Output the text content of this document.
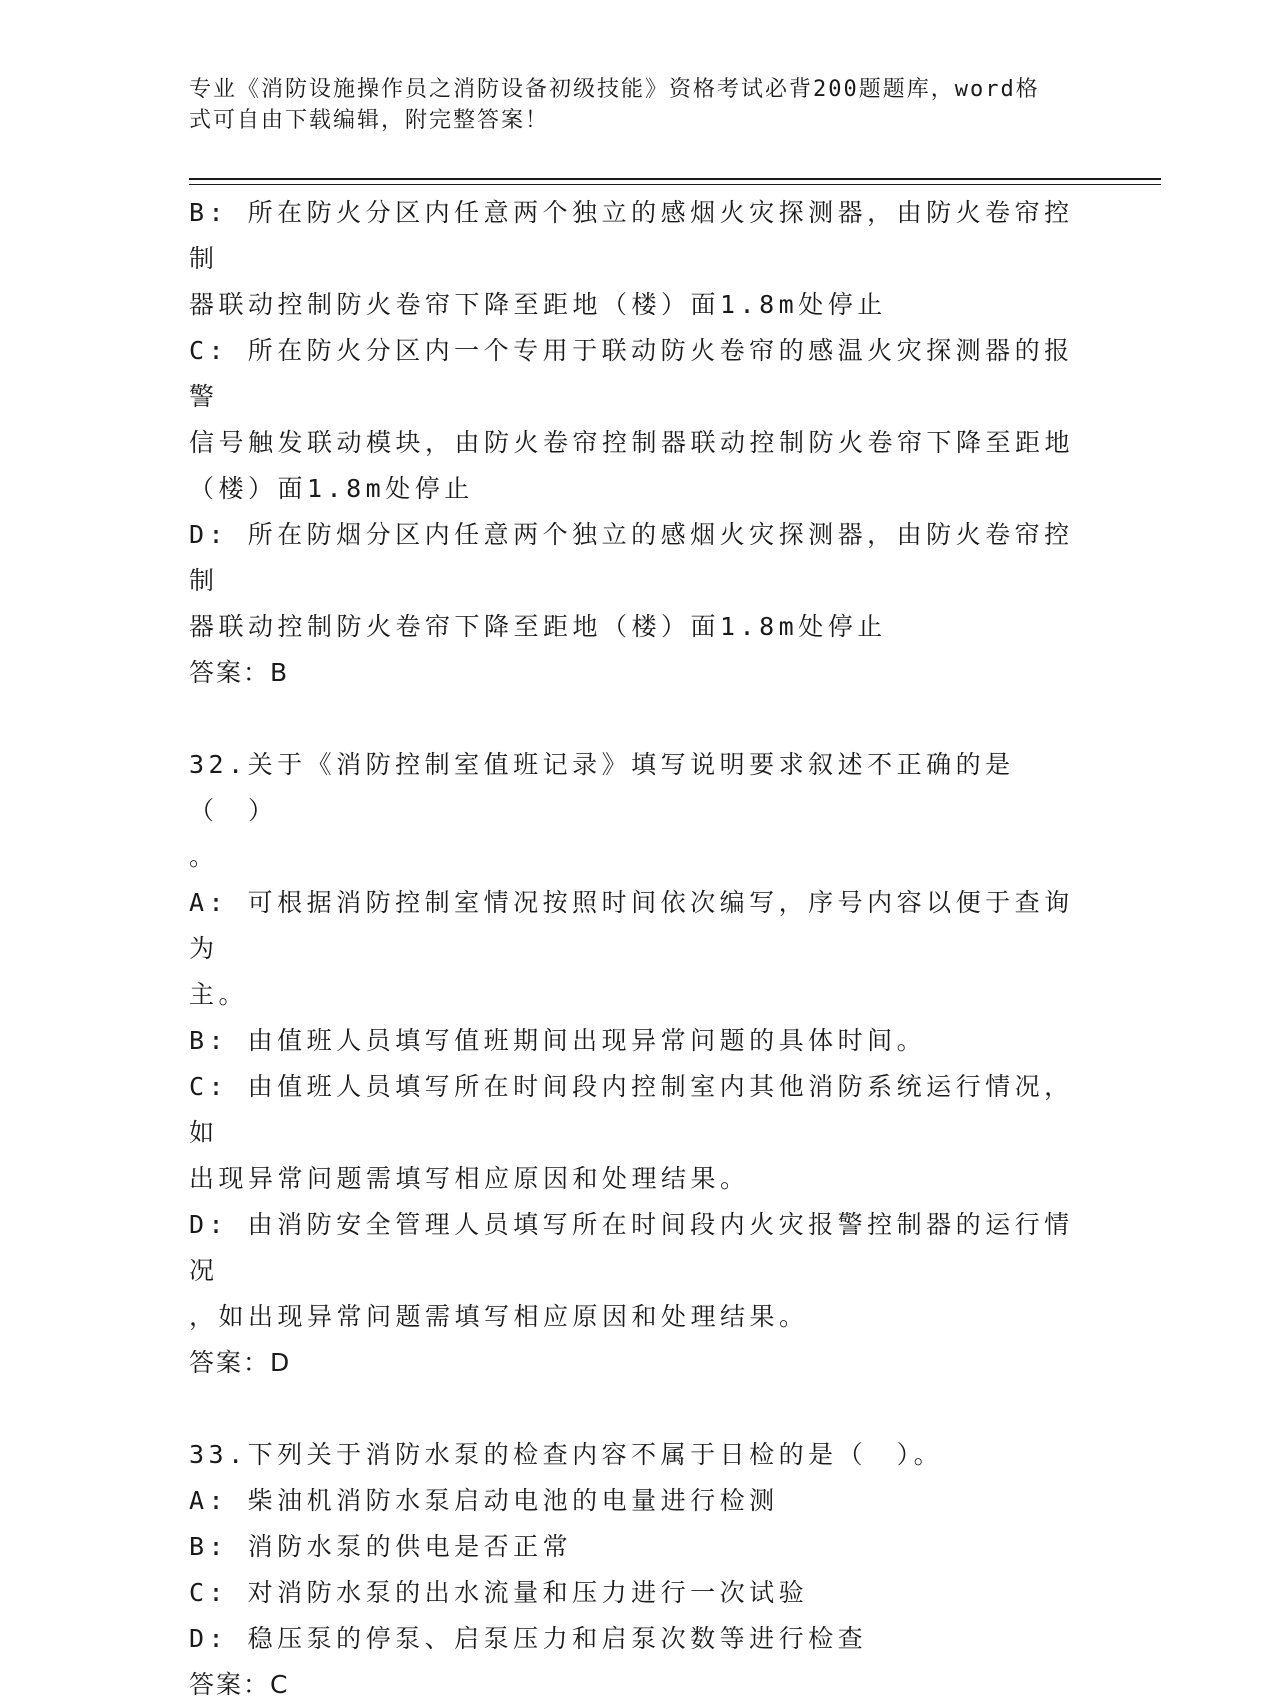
专业《消防设施操作员之消防设备初级技能》资格考试必背200题题库，word格
式可自由下载编辑，附完整答案！

B: 所在防火分区内任意两个独立的感烟火灾探测器，由防火卷帘控制

器联动控制防火卷帘下降至距地（楼）面1.8m处停止

C: 所在防火分区内一个专用于联动防火卷帘的感温火灾探测器的报警

信号触发联动模块，由防火卷帘控制器联动控制防火卷帘下降至距地

（楼）面1.8m处停止

D: 所在防烟分区内任意两个独立的感烟火灾探测器，由防火卷帘控制

器联动控制防火卷帘下降至距地（楼）面1.8m处停止

答案：B

32.关于《消防控制室值班记录》填写说明要求叙述不正确的是（　）

。

A: 可根据消防控制室情况按照时间依次编写，序号内容以便于查询为

主。

B: 由值班人员填写值班期间出现异常问题的具体时间。

C: 由值班人员填写所在时间段内控制室内其他消防系统运行情况，如

出现异常问题需填写相应原因和处理结果。

D: 由消防安全管理人员填写所在时间段内火灾报警控制器的运行情况

，如出现异常问题需填写相应原因和处理结果。

答案：D

33.下列关于消防水泵的检查内容不属于日检的是（　）。

A: 柴油机消防水泵启动电池的电量进行检测

B: 消防水泵的供电是否正常

C: 对消防水泵的出水流量和压力进行一次试验

D: 稳压泵的停泵、启泵压力和启泵次数等进行检查

答案：C
